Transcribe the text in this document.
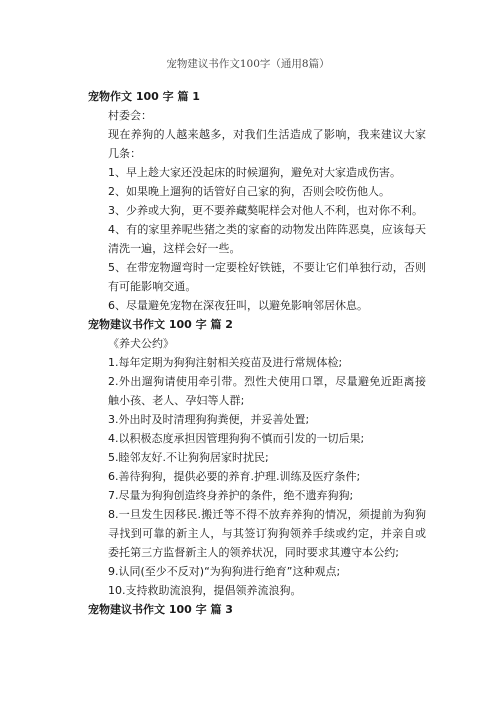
宠物建议书作文100字（通用8篇）
宠物作文 100 字 篇 1
村委会：
现在养狗的人越来越多，对我们生活造成了影响，我来建议大家几条：
1、早上趁大家还没起床的时候遛狗，避免对大家造成伤害。
2、如果晚上遛狗的话管好自己家的狗，否则会咬伤他人。
3、少养或大狗，更不要养藏獒呢样会对他人不利，也对你不利。
4、有的家里养呢些猪之类的家畜的动物发出阵阵恶臭，应该每天清洗一遍，这样会好一些。
5、在带宠物遛弯时一定要栓好铁链，不要让它们单独行动，否则有可能影响交通。
6、尽量避免宠物在深夜狂叫，以避免影响邻居休息。
宠物建议书作文 100 字 篇 2
《养犬公约》
1.每年定期为狗狗注射相关疫苗及进行常规体检;
2.外出遛狗请使用牵引带。烈性犬使用口罩，尽量避免近距离接触小孩、老人、孕妇等人群;
3.外出时及时清理狗狗粪便，并妥善处置;
4.以积极态度承担因管理狗狗不慎而引发的一切后果;
5.睦邻友好.不让狗狗居家时扰民;
6.善待狗狗，提供必要的养育.护理.训练及医疗条件;
7.尽量为狗狗创造终身养护的条件，绝不遗弃狗狗;
8.一旦发生因移民.搬迁等不得不放弃养狗的情况，须提前为狗狗寻找到可靠的新主人，与其签订狗狗领养手续或约定，并亲自或委托第三方监督新主人的领养状况，同时要求其遵守本公约;
9.认同(至少不反对)“为狗狗进行绝育”这种观点;
10.支持救助流浪狗，提倡领养流浪狗。
宠物建议书作文 100 字 篇 3
